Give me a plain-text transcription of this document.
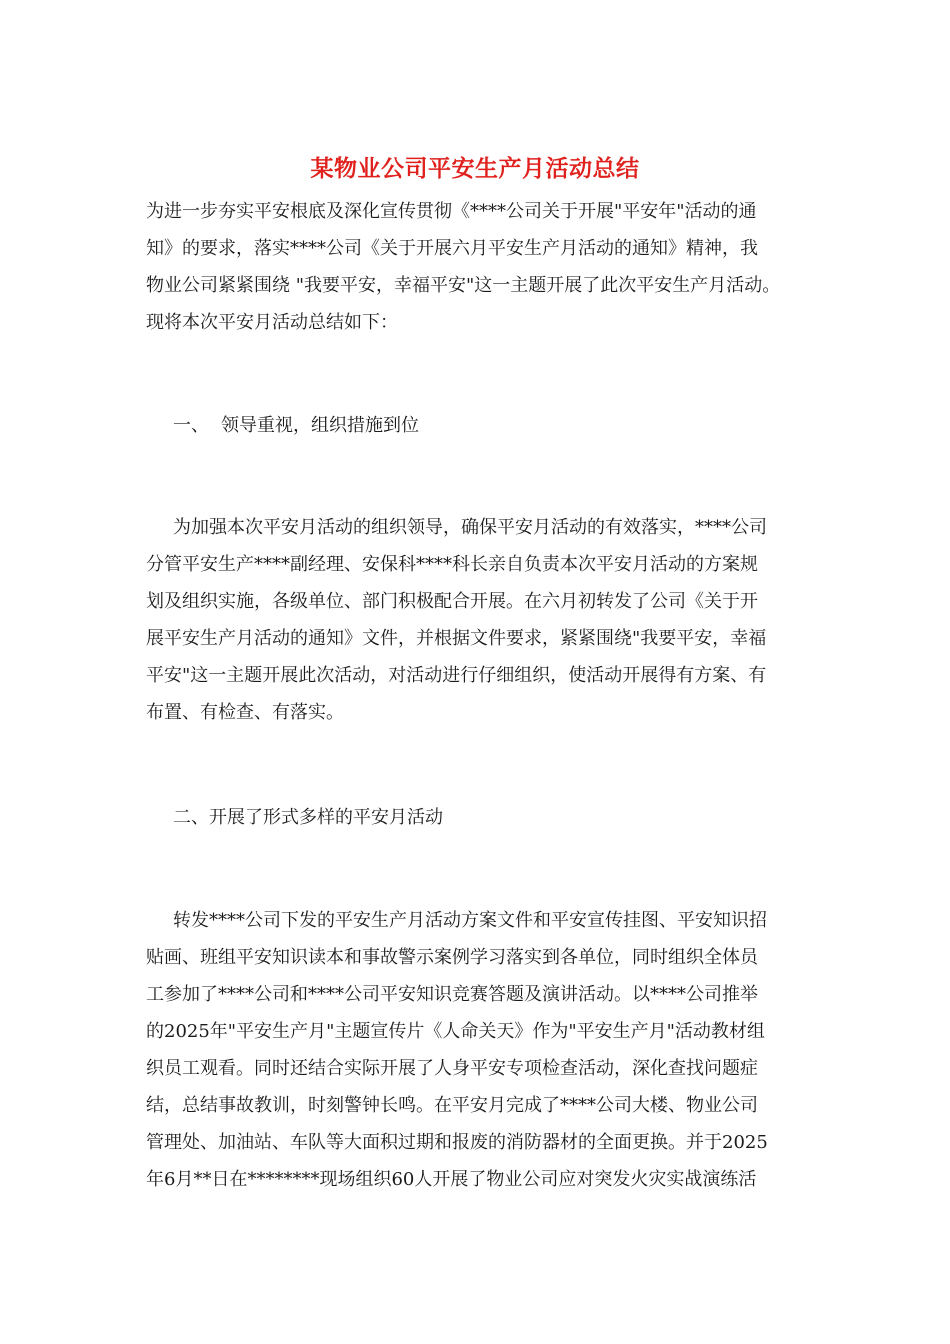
某物业公司平安生产月活动总结
为进一步夯实平安根底及深化宣传贯彻《****公司关于开展"平安年"活动的通
知》的要求，落实****公司《关于开展六月平安生产月活动的通知》精神，我
物业公司紧紧围绕 "我要平安，幸福平安"这一主题开展了此次平安生产月活动。
现将本次平安月活动总结如下：
一、 领导重视，组织措施到位
为加强本次平安月活动的组织领导，确保平安月活动的有效落实，****公司
分管平安生产****副经理、安保科****科长亲自负责本次平安月活动的方案规
划及组织实施，各级单位、部门积极配合开展。在六月初转发了公司《关于开
展平安生产月活动的通知》文件，并根据文件要求，紧紧围绕"我要平安，幸福
平安"这一主题开展此次活动，对活动进行仔细组织，使活动开展得有方案、有
布置、有检查、有落实。
二、开展了形式多样的平安月活动
转发****公司下发的平安生产月活动方案文件和平安宣传挂图、平安知识招
贴画、班组平安知识读本和事故警示案例学习落实到各单位，同时组织全体员
工参加了****公司和****公司平安知识竞赛答题及演讲活动。以****公司推举
的2025年"平安生产月"主题宣传片《人命关天》作为"平安生产月"活动教材组
织员工观看。同时还结合实际开展了人身平安专项检查活动，深化查找问题症
结，总结事故教训，时刻警钟长鸣。在平安月完成了****公司大楼、物业公司
管理处、加油站、车队等大面积过期和报废的消防器材的全面更换。并于2025
年6月**日在********现场组织60人开展了物业公司应对突发火灾实战演练活
